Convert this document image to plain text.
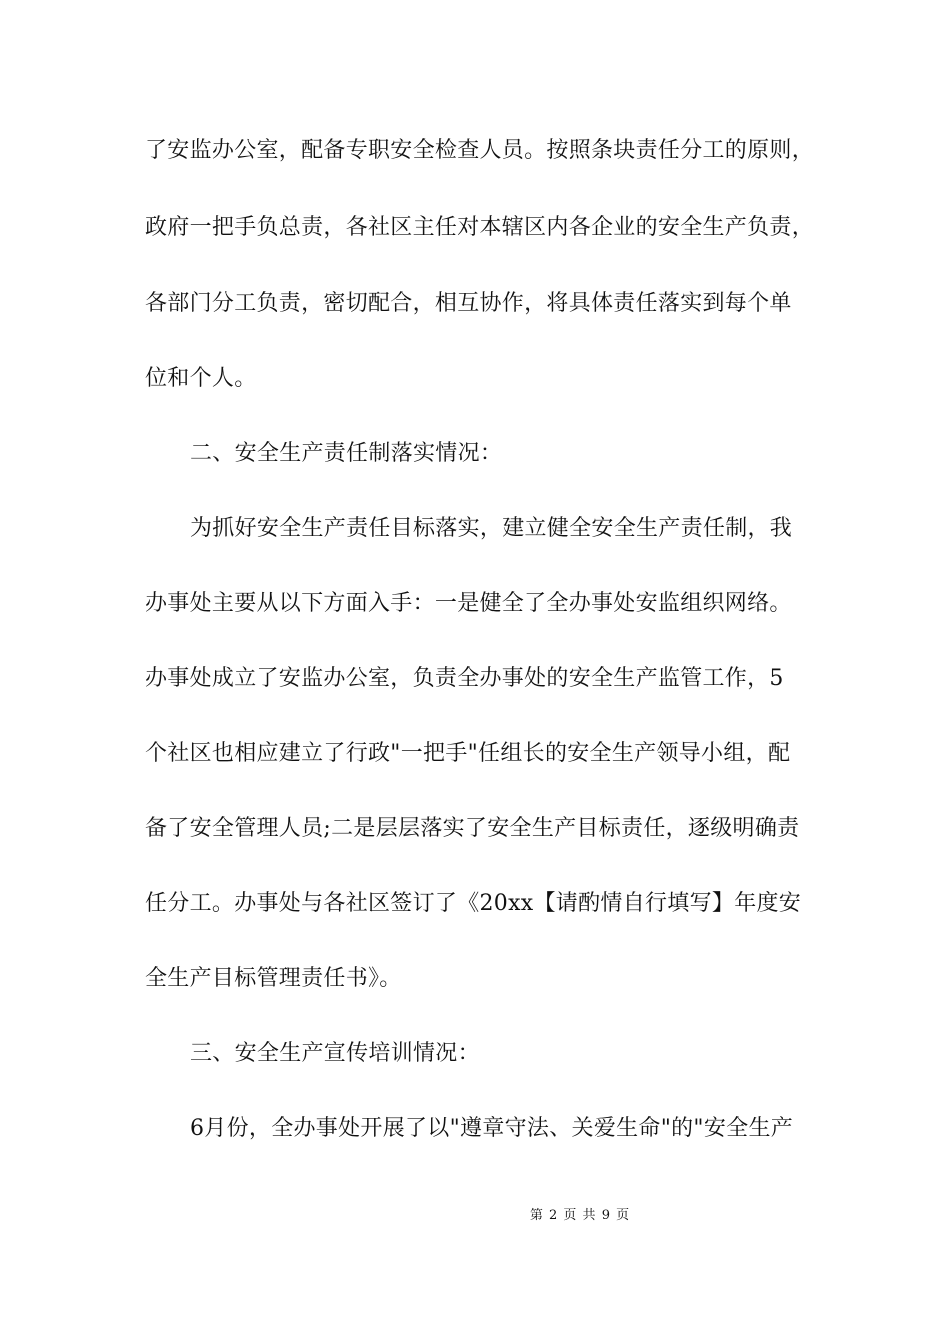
了安监办公室，配备专职安全检查人员。按照条块责任分工的原则，
政府一把手负总责，各社区主任对本辖区内各企业的安全生产负责，
各部门分工负责，密切配合，相互协作，将具体责任落实到每个单
位和个人。
二、安全生产责任制落实情况：
为抓好安全生产责任目标落实，建立健全安全生产责任制，我
办事处主要从以下方面入手：一是健全了全办事处安监组织网络。
办事处成立了安监办公室，负责全办事处的安全生产监管工作，5
个社区也相应建立了行政"一把手"任组长的安全生产领导小组，配
备了安全管理人员;二是层层落实了安全生产目标责任，逐级明确责
任分工。办事处与各社区签订了《20xx【请酌情自行填写】年度安
全生产目标管理责任书》。
三、安全生产宣传培训情况：
6月份，全办事处开展了以"遵章守法、关爱生命"的"安全生产
第 2 页 共 9 页
